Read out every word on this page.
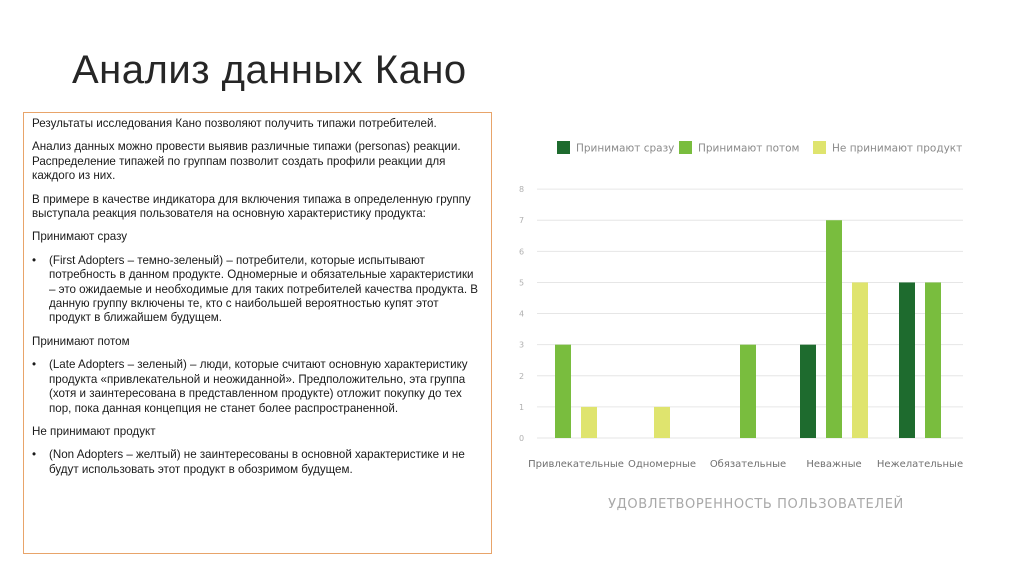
Анализ данных Кано

Результаты исследования Кано позволяют получить типажи потребителей.

Анализ данных можно провести выявив различные типажи (personas) реакции. Распределение типажей по группам позволит создать профили реакции для каждого из них.

В примере в качестве индикатора для включения типажа в определенную группу выступала реакция пользователя на основную характеристику продукта:

Принимают сразу

•	(First Adopters – темно-зеленый) – потребители, которые испытывают потребность в данном продукте. Одномерные и обязательные характеристики – это ожидаемые и необходимые для таких потребителей качества продукта. В данную группу включены те, кто с наибольшей вероятностью купят этот продукт в ближайшем будущем.

Принимают потом

•	(Late Adopters – зеленый) – люди, которые считают основную характеристику продукта «привлекательной и неожиданной». Предположительно, эта группа (хотя и заинтересована в представленном продукте) отложит покупку до тех пор, пока данная концепция не станет более распространенной.

Не принимают продукт

•	(Non Adopters – желтый) не заинтересованы в основной характеристике и не будут использовать этот продукт в обозримом будущем.
Принимают сразу Принимают потом	Не принимают продукт
0
1
2
3
4
5
6
7
8
Привлекательные Одномерные Обязательные Неважные Нежелательные
УДОВЛЕТВОРЕННОСТЬ ПОЛЬЗОВАТЕЛЕЙ
